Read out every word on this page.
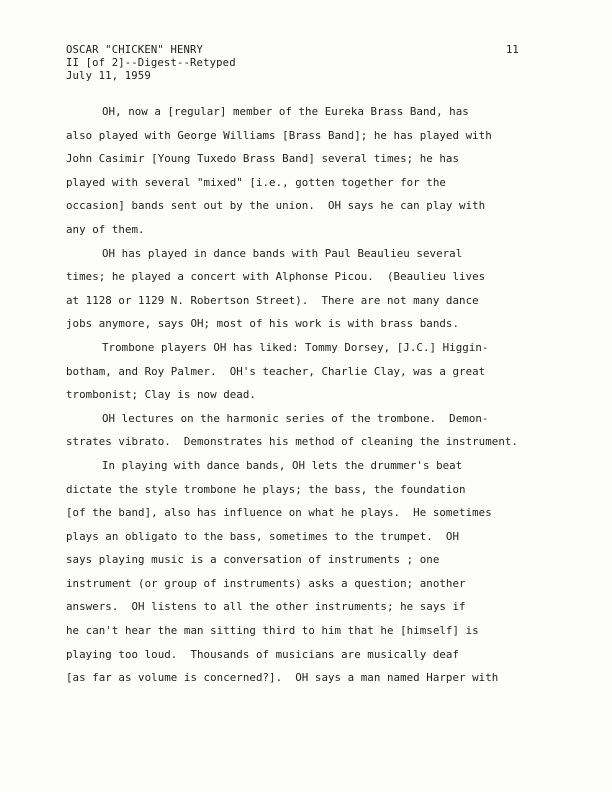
OSCAR "CHICKEN" HENRY
II [of 2]--Digest--Retyped
July 11, 1959
11
OH, now a [regular] member of the Eureka Brass Band, has
also played with George Williams [Brass Band]; he has played with
John Casimir [Young Tuxedo Brass Band] several times; he has
played with several "mixed" [i.e., gotten together for the
occasion] bands sent out by the union.  OH says he can play with
any of them.
OH has played in dance bands with Paul Beaulieu several
times; he played a concert with Alphonse Picou.  (Beaulieu lives
at 1128 or 1129 N. Robertson Street).  There are not many dance
jobs anymore, says OH; most of his work is with brass bands.
Trombone players OH has liked: Tommy Dorsey, [J.C.] Higgin-
botham, and Roy Palmer.  OH's teacher, Charlie Clay, was a great
trombonist; Clay is now dead.
OH lectures on the harmonic series of the trombone.  Demon-
strates vibrato.  Demonstrates his method of cleaning the instrument.
In playing with dance bands, OH lets the drummer's beat
dictate the style trombone he plays; the bass, the foundation
[of the band], also has influence on what he plays.  He sometimes
plays an obligato to the bass, sometimes to the trumpet.  OH
says playing music is a conversation of instruments ; one
instrument (or group of instruments) asks a question; another
answers.  OH listens to all the other instruments; he says if
he can't hear the man sitting third to him that he [himself] is
playing too loud.  Thousands of musicians are musically deaf
[as far as volume is concerned?].  OH says a man named Harper with
